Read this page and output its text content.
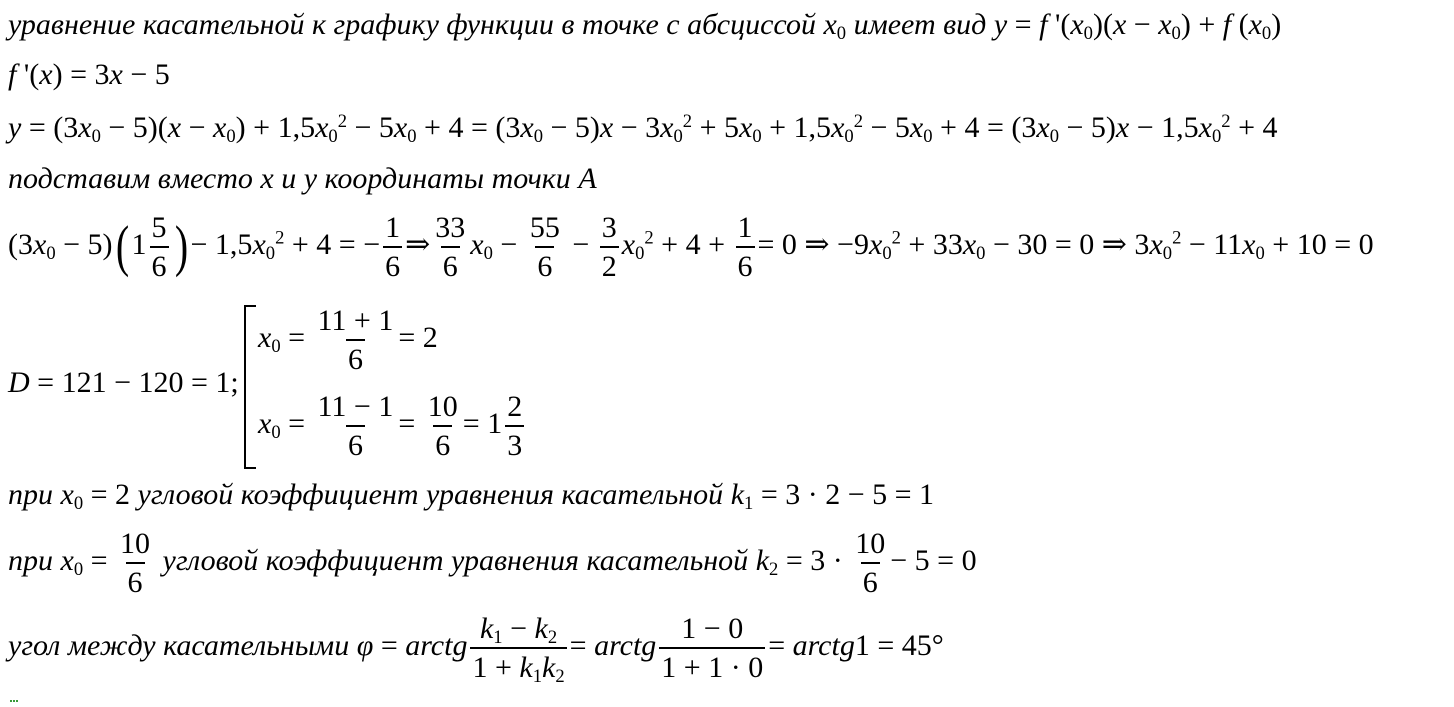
уравнение касательной к графику функции в точке с абсциссой $x_0$ имеет вид y = f '$(x_0)(x - x_0) + f$ $(x_0)$
f '(x) = 3x − 5
$y = (3x_0 - 5)(x - x_0) + 1,5x_0^2 - 5x_0 + 4 = (3x_0 - 5)x - 3x_0^2 + 5x_0 + 1,5x_0^2 - 5x_0 + 4 = (3x_0 - 5)x - 1,5x_0^2 + 4$
подставим вместо x и y координаты точки A
$(3x_0 - 5)(1 \frac{5}{6}$ )− $1,5x_0^2 + 4$ = − $\frac{1}{6}$ ⇒ $\frac{33}{6} x_0 - \frac{55}{6} - \frac{3}{2} x_0^2 + 4 + \frac{1}{6} = 0$ ⇒ $-9x_0^2 + 33x_0 - 30 = 0$ ⇒ $3x_0^2 - 11x_0 + 10 = 0$
D = 121 − 120 = 1;
$x_0 = \frac{11 + 1}{6} = 2$
$x_0 = \frac{11 - 1}{6} = \frac{10}{6} = 1 \frac{2}{3}$
при $x_0 = 2$ угловой коэффициент уравнения касательной $k_1 = 3 \cdot 2 - 5 = 1$
при $x_0 = \frac{10}{6}$ угловой коэффициент уравнения касательной $k_2 = 3 \cdot \frac{10}{6} - 5 = 0$
угол между касательными φ = arctg $\frac{k_1 - k_2}{1 + k_1k_2}$ = arctg $\frac{1 - 0}{1 + 1 \cdot 0}$ = arctg1 = 45°
